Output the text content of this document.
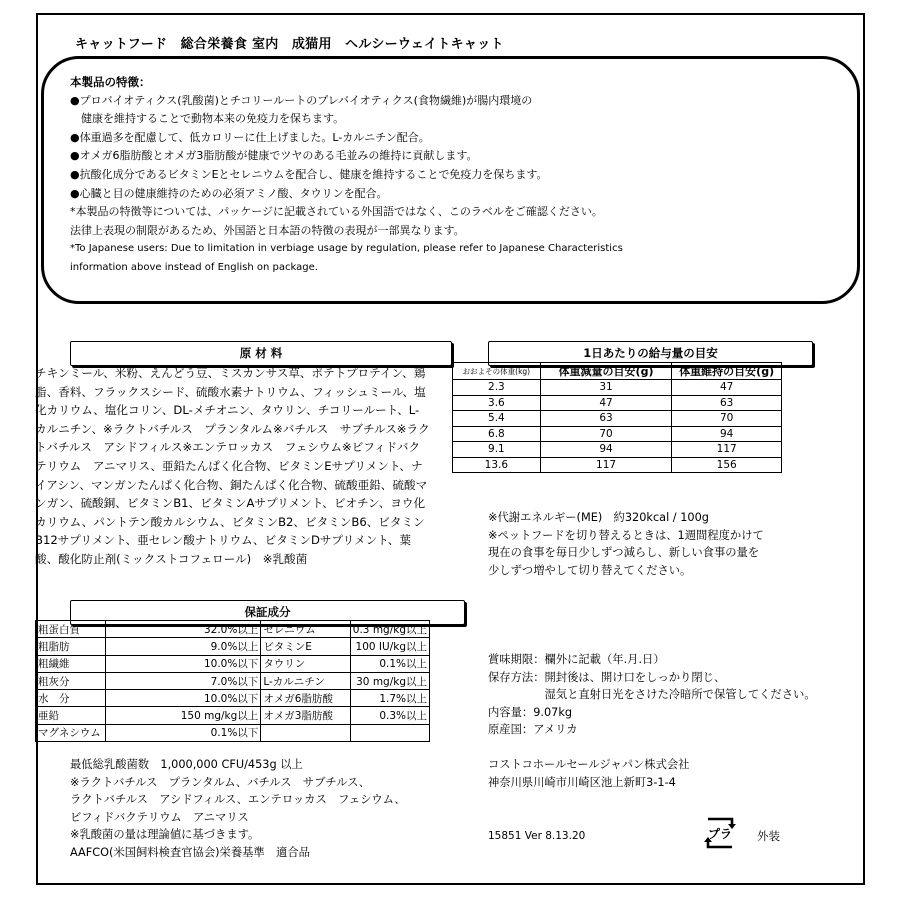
キャットフード　総合栄養食 室内　成猫用　ヘルシーウェイトキャット
本製品の特徴：
●プロバイオティクス(乳酸菌)とチコリールートのプレバイオティクス(食物繊維)が腸内環境の
　健康を維持することで動物本来の免疫力を保ちます。
●体重過多を配慮して、低カロリーに仕上げました。L-カルニチン配合。
●オメガ6脂肪酸とオメガ3脂肪酸が健康でツヤのある毛並みの維持に貢献します。
●抗酸化成分であるビタミンEとセレニウムを配合し、健康を維持することで免疫力を保ちます。
●心臓と目の健康維持のための必須アミノ酸、タウリンを配合。
*本製品の特徴等については、パッケージに記載されている外国語ではなく、このラベルをご確認ください。
法律上表現の制限があるため、外国語と日本語の特徴の表現が一部異なります。
*To Japanese users: Due to limitation in verbiage usage by regulation, please refer to Japanese Characteristics
information above instead of English on package.
原 材 料
チキンミール、米粉、えんどう豆、ミスカンサス草、ポテトプロテイン、鶏脂、香料、フラックスシード、硫酸水素ナトリウム、フィッシュミール、塩化カリウム、塩化コリン、DL-メチオニン、タウリン、チコリールート、L-カルニチン、※ラクトバチルス　プランタルム※バチルス　サブチルス※ラクトバチルス　アシドフィルス※エンテロッカス　フェシウム※ビフィドバクテリウム　アニマリス、亜鉛たんぱく化合物、ビタミンEサプリメント、ナイアシン、マンガンたんぱく化合物、銅たんぱく化合物、硫酸亜鉛、硫酸マンガン、硫酸銅、ビタミンB1、ビタミンAサプリメント、ビオチン、ヨウ化カリウム、パントテン酸カルシウム、ビタミンB2、ビタミンB6、ビタミンB12サプリメント、亜セレン酸ナトリウム、ビタミンDサプリメント、葉酸、酸化防止剤(ミックストコフェロール)　※乳酸菌
1日あたりの給与量の目安
おおよその体重(kg)	体重減量の目安(g)	体重維持の目安(g)
2.3	31	47
3.6	47	63
5.4	63	70
6.8	70	94
9.1	94	117
13.6	117	156
※代謝エネルギー(ME)　約320kcal / 100g
※ペットフードを切り替えるときは、1週間程度かけて
現在の食事を毎日少しずつ減らし、新しい食事の量を
少しずつ増やして切り替えてください。
保証成分
粗蛋白質	32.0%以上	セレニウム	0.3 mg/kg以上
粗脂肪	9.0%以上	ビタミンE	100 IU/kg以上
粗繊維	10.0%以下	タウリン	0.1%以上
粗灰分	7.0%以下	L-カルニチン	30 mg/kg以上
水　分	10.0%以下	オメガ6脂肪酸	1.7%以上
亜鉛	150 mg/kg以上	オメガ3脂肪酸	0.3%以上
マグネシウム	0.1%以下		
最低総乳酸菌数　1,000,000 CFU/453g 以上
※ラクトバチルス　プランタルム、バチルス　サブチルス、
ラクトバチルス　アシドフィルス、エンテロッカス　フェシウム、
ビフィドバクテリウム　アニマリス
※乳酸菌の量は理論値に基づきます。
AAFCO(米国飼料検査官協会)栄養基準　適合品
賞味期限：欄外に記載（年.月.日）
保存方法：開封後は、開け口をしっかり閉じ、
　　　　　湿気と直射日光をさけた冷暗所で保管してください。
内容量：9.07kg
原産国：アメリカ
コストコホールセールジャパン株式会社
神奈川県川崎市川崎区池上新町3-1-4
15851 Ver 8.13.20	プラ 外装
